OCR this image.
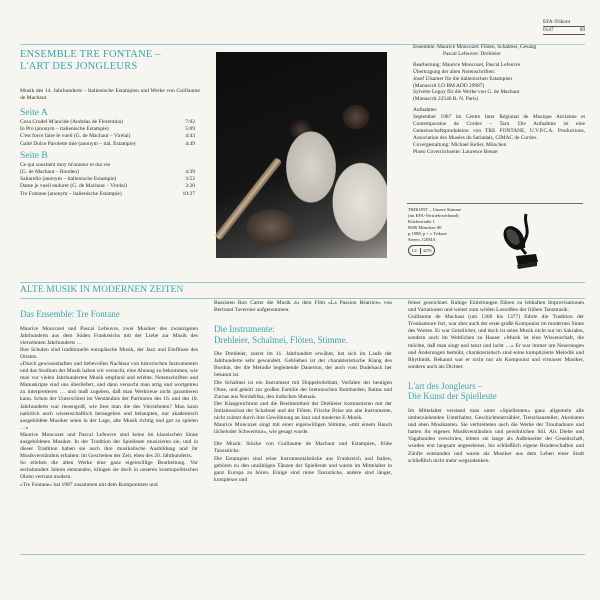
EFA-Trikont
0147	09
ENSEMBLE TRE FONTANE –
L'ART DES JONGLEURS
Musik des 14. Jahrhunderts – Italienische Estampien und Werke von Guillaume de Machaut
Seite A
Cosa Crudel M'ancide (Andréas de Florentina)	7:02
In Pro (anonym – italienische Estampie)	5:09
C'est force faire le vueil (G. de Machaut – Virelai)	4:43
Gaité Dolce Parolette mie (anonym – ital. Estampie)	4:49
Seite B
Ce qui soustient moy m'onneur et ma vie
(G. de Machaut – Rondeu)	4:39
Saltarello (anonym – italienische Estampie)	3:52
Dame je vueil endurer (G. de Machaut – Virelai)	3:20
Tre Fontane (anonym – italienische Estampie)	10:37

Ensemble: Maurice Moncozet: Flöten, Schalmei, Gesang

Pascal Lefeuvre: Drehleier

Bearbeitung: Maurice Moncozet, Pascal Lefeuvre

Übertragung der alten Notenschriften:

Josef Ulsamer für die italienischen Estampien

(Manuscrit LO BM ADD 29987)

Sylvette Leguy für die Werke von G. de Machaut

(Manuscrit 22546 B. N. Paris)

Aufnahme:

September 1987 im Centre Inter Régional de Musique Ancienne et Contemporaine de Cordes – Tarn. Die Aufnahme ist eine Gemeinschaftsproduktion von TRE FONTANE, U.V.P.C.A. Productions, Association des Musées du Sarladais, CIMAC de Cordes.

Covergestaltung: Michael Keller, München

Photo Coverrückseite: Laurence Benne

TRIKONT – Unsere Stimme
(im EFA-Vertriebsverbund)
Kistlerstraße 1
8000 München 90
p 1988, p + c Trikont
Stereo, GEMA
LC	4270
ALTE MUSIK IN MODERNEN ZEITEN
Das Ensemble: Tre Fontane

Maurice Moncozet und Pascal Lefeuvre, zwei Musiker des zwanzigsten Jahrhunderts aus dem Süden Frankreichs mit der Liebe zur Musik des vierzehnten Jahrhunderts …

Ihre Schulen sind traditionelle europäische Musik, der Jazz und Einflüsse des Orients.

»Durch gewissenhaften und liebevollen Nachbau von historischen Instrumenten und das Studium der Musik haben wir versucht, eine Ahnung zu bekommen, wie man vor vielen Jahrhunderten Musik empfand und erlebte. Notenschriften und Manuskripte sind uns überliefert, und dann versucht man artig und wortgetreu zu interpretieren … und muß zugeben, daß man Werktreue nicht garantieren kann. Schon der Unterschied im Verständnis der Partituren des 16. und des 18. Jahrhunderts war riesengroß, wie liest man die des Vierzehnten? Man kann natürlich auch wissenschaftlich herangehen und behaupten, nur akademisch ausgebildete Musiker seien in der Lage, alte Musik richtig und gut zu spielen …«

Maurice Moncozet und Pascal Lefeuvre sind keine im klassischen Sinne ausgebildeten Musiker. In der Tradition der Spielleute musizieren sie, und in dieser Tradition haben sie auch ihre musikalische Ausbildung und ihr Musikverständnis erhalten: im Geschehen der Zeit, eben des 20. Jahrhunderts.

So erleben die alten Werke eine ganz eigenwillige Bearbeitung. Vor sechshundert Jahren entstanden, klingen sie doch in unseren kosmopolitischen Ohren vertraut modern.

»Tre Fontane« hat 1987 zusammen mit dem Komponisten und

Bassisten Ron Carter die Musik zu dem Film »La Passion Béatrice« von Bertrand Tavernier aufgenommen.

Die Instrumente:
Drehleier, Schalmei, Flöten, Stimme.

Die Drehleier, zuerst im 11. Jahrhundert erwähnt, hat sich im Laufe der Jahrhunderte sehr gewandelt. Geblieben ist der charakteristische Klang des Bordun, der die Melodie begleitende Dauerton, der auch vom Dudelsack her bekannt ist.

Die Schalmei ist ein Instrument mit Doppelrohrblatt, Vorfahre der heutigen Oboe, und gehört zur großen Familie der bretonischen Bombarden, Raitas und Zurnas aus Nordafrika, den indischen Shenais.

Der Klangreichtum und die Bestimmtheit der Drehleier kontrastieren mit der Imitationslust der Schalmei und der Flöten. Frische Brise um alte Instrumente, nicht zuletzt durch ihre Gewöhnung an Jazz und moderne E-Musik.

Maurice Moncozet singt mit einer eigenwilligen Stimme, »mit einem Hauch lächelnder Schwermut«, wie gesagt wurde.

Die Musik: Stücke von Guillaume de Machaut und Estampien, frühe Tanzstücke.

Die Estampien sind reine Instrumentalstücke aus Frankreich und Italien, gehören zu den unzähligen Tänzen der Spielleute und waren im Mittelalter in ganz Europa zu hören. Einige sind reine Tanzstücke, andere sind länger, komplexer und

feiner gezeichnet. Ruhige Einleitungen führen zu lebhaften Improvisationen und Variationen und weiter zum wilden Losreißen der frühen Tanzmusik.

Guillaume de Machaut (um 1300 bis 1377) führte die Tradition der Troubadoure fort, war aber auch der erste große Komponist im modernen Sinne des Wortes. Er war Geistlicher, und doch ist seine Musik nicht nur im Sakralen, sondern auch im Weltlichen zu Hause: »Musik ist eine Wissenschaft, die möchte, daß man singt und tanzt und lacht …« Er war immer um Neuerungen und Änderungen bemüht, charakteristisch sind seine komplizierte Melodik und Rhythmik. Bekannt war er nicht nur als Komponist und virtuoser Musiker, sondern auch als Dichter.

L'art des Jongleurs –
Die Kunst der Spielleute

Im Mittelalter verstand man unter »Spielleuten« ganz allgemein alle umherziehenden Unterhalter, Geschichtenerzähler, Tierschausteller, Akrobaten und eben Musikanten. Sie verbreiteten auch die Werke der Troubadoure und hatten ihr eigenes Musikverständnis und persönlichen Stil. Als Diebe und Vagabunden verschrien, lebten sie lange als Außenseiter der Gesellschaft, wurden erst langsam angesehener, bis schließlich eigene Bruderschaften und Zünfte entstanden und waren als Musiker aus dem Leben einer Stadt schließlich nicht mehr wegzudenken.
